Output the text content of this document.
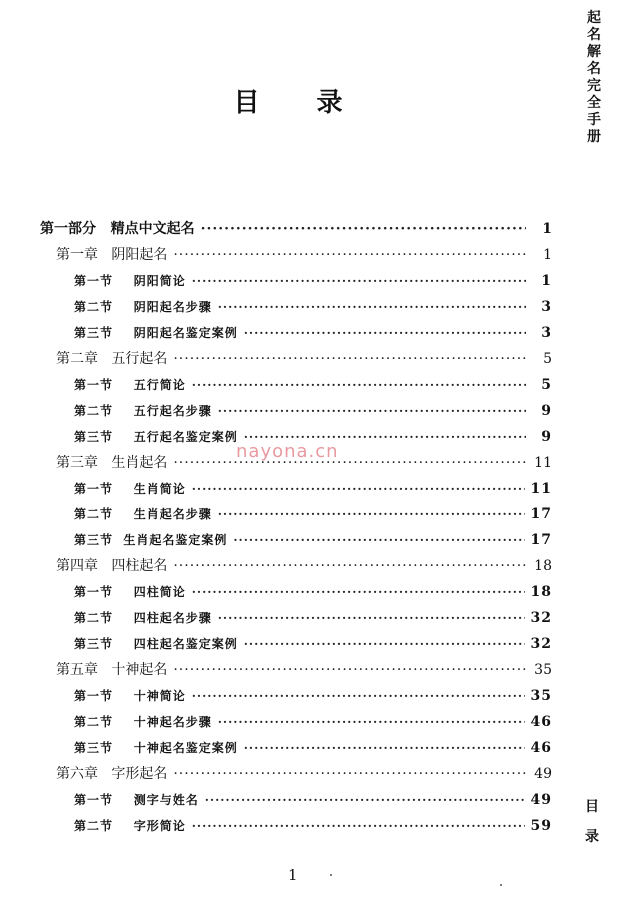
起
名
解
名
完
全
手
册
目 录
第一部分   精点中文起名 ·····	1
第一章   阴阳起名 ·····	1
第一节    阴阳简论 ·····	1
第二节    阴阳起名步骤 ·····	3
第三节    阴阳起名鉴定案例 ·····	3
第二章   五行起名 ·····	5
第一节    五行简论 ·····	5
第二节    五行起名步骤 ·····	9
第三节    五行起名鉴定案例 ·····	9
第三章   生肖起名 ·····	11
第一节    生肖简论 ·····	11
第二节    生肖起名步骤 ·····	17
第三节  生肖起名鉴定案例 ·····	17
第四章   四柱起名 ·····	18
第一节    四柱简论 ·····	18
第二节    四柱起名步骤 ·····	32
第三节    四柱起名鉴定案例 ·····	32
第五章   十神起名 ·····	35
第一节    十神简论 ·····	35
第二节    十神起名步骤 ·····	46
第三节    十神起名鉴定案例 ·····	46
第六章   字形起名 ·····	49
第一节    测字与姓名 ·····	49
第二节    字形简论 ·····	59
nayona.cn
目
录
1
